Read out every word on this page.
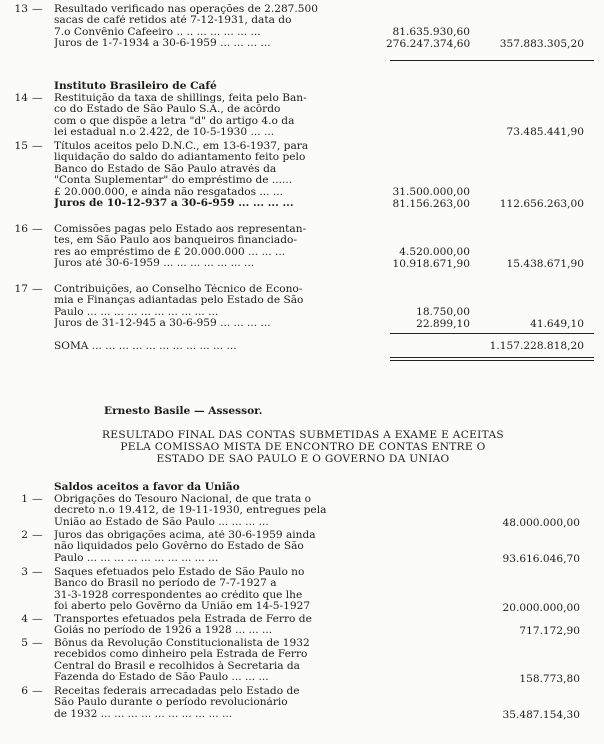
13 — Resultado verificado nas operações de 2.287.500
sacas de café retidos até 7-12-1931, data do
7.o Convênio Cafeeiro .. .. ... ... ... ... ...
Juros de 1-7-1934 a 30-6-1959 ... ... ... ...
81.635.930,60
276.247.374,60	357.883.305,20
Instituto Brasileiro de Café
14 — Restituição da taxa de shillings, feita pelo Ban-
co do Estado de São Paulo S.A., de acôrdo
com o que dispõe a letra "d" do artigo 4.o da
lei estadual n.o 2.422, de 10-5-1930 ... ...	73.485.441,90
15 — Títulos aceitos pelo D.N.C., em 13-6-1937, para
liquidação do saldo do adiantamento feito pelo
Banco do Estado de São Paulo através da
"Conta Suplementar" do empréstimo de ......
£ 20.000.000, e ainda não resgatados ... ...
Juros de 10-12-937 a 30-6-959 ... ... ... ...
31.500.000,00
81.156.263,00	112.656.263,00
16 — Comissões pagas pelo Estado aos representan-
tes, em São Paulo aos banqueiros financiado-
res ao empréstimo de £ 20.000.000 ... ... ...
Juros até 30-6-1959 ... ... ... ... ... ... ...
4.520.000,00
10.918.671,90	15.438.671,90
17 — Contribuições, ao Conselho Técnico de Econo-
mia e Finanças adiantadas pelo Estado de São
Paulo ... ... ... ... ... ... ... ... ... ...
Juros de 31-12-945 a 30-6-959 ... ... ... ...
18.750,00
22.899,10	41.649,10
SOMA ... ... ... ... ... ... ... ... ... ... ...	1.157.228.818,20
Ernesto Basile — Assessor.
RESULTADO FINAL DAS CONTAS SUBMETIDAS A EXAME E ACEITAS
PELA COMISSÃO MISTA DE ENCONTRO DE CONTAS ENTRE O
ESTADO DE SÃO PAULO E O GOVERNO DA UNIÃO
Saldos aceitos a favor da União
1 — Obrigações do Tesouro Nacional, de que trata o
decreto n.o 19.412, de 19-11-1930, entregues pela
União ao Estado de São Paulo ... ... ... ...	48.000.000,00
2 — Juros das obrigações acima, até 30-6-1959 ainda
não liquidados pelo Govêrno do Estado de São
Paulo ... ... ... ... ... ... ... ... ... ...	93.616.046,70
3 — Saques efetuados pelo Estado de São Paulo no
Banco do Brasil no período de 7-7-1927 a
31-3-1928 correspondentes ao crédito que lhe
foi aberto pelo Govêrno da União em 14-5-1927	20.000.000,00
4 — Transportes efetuados pela Estrada de Ferro de
Goiás no período de 1926 a 1928 ... ... ...	717.172,90
5 — Bônus da Revolução Constitucionalista de 1932
recebidos como dinheiro pela Estrada de Ferro
Central do Brasil e recolhidos à Secretaria da
Fazenda do Estado de São Paulo ... ... ...	158.773,80
6 — Receitas federais arrecadadas pelo Estado de
São Paulo durante o período revolucionário
de 1932 ... ... ... ... ... ... ... ... ... ...	35.487.154,30
